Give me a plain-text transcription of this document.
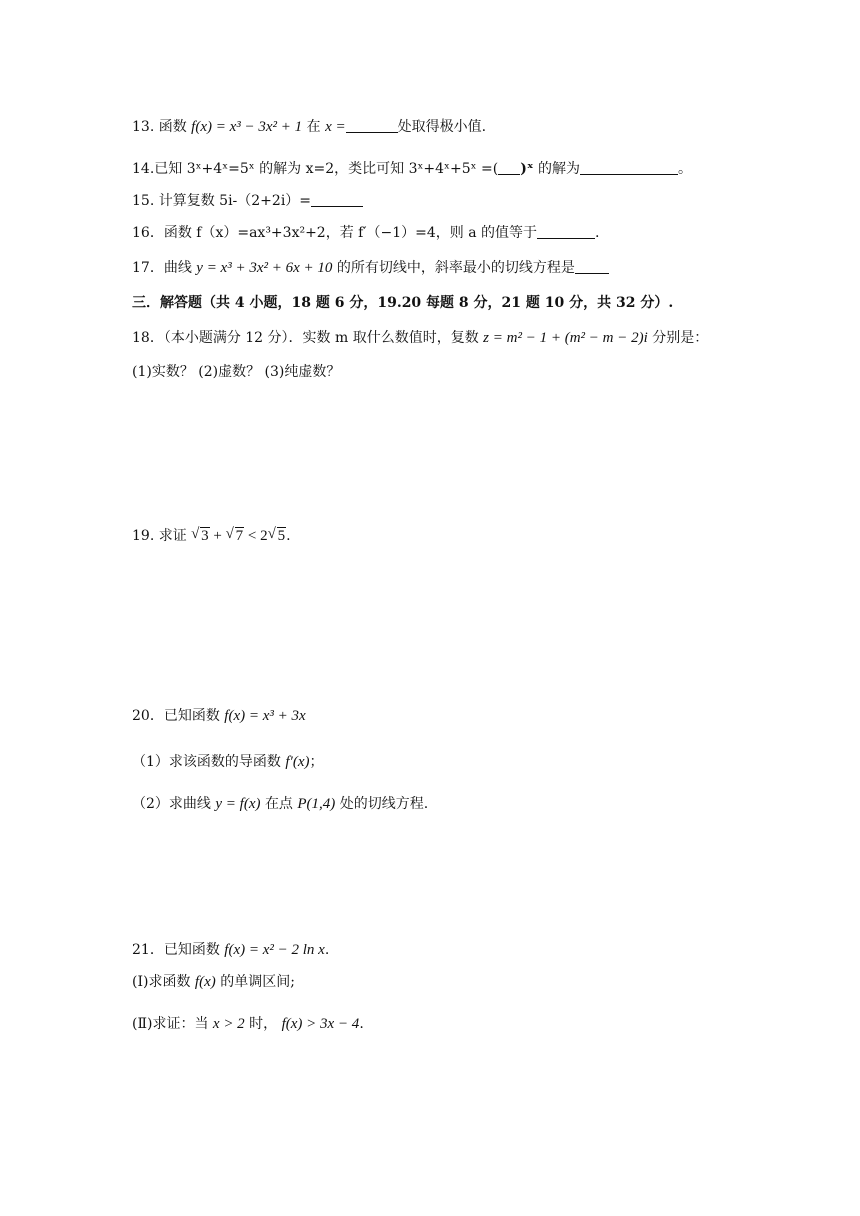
13. 函数 f(x) = x³ − 3x² + 1 在 x =	处取得极小值.
14.已知 3ˣ+4ˣ=5ˣ 的解为 x=2，类比可知 3ˣ+4ˣ+5ˣ =( )ˣ 的解为	。
15. 计算复数 5i-（2+2i）=
16．函数 f（x）=ax³+3x²+2，若 f′（−1）=4，则 a 的值等于	.
17．曲线 y = x³ + 3x² + 6x + 10 的所有切线中，斜率最小的切线方程是
三．解答题（共 4 小题，18 题 6 分，19.20 每题 8 分，21 题 10 分，共 32 分）.
18．（本小题满分 12 分）．实数 m 取什么数值时，复数 z = m² − 1 + (m² − m − 2)i 分别是：
(1)实数？ (2)虚数？ (3)纯虚数？
19. 求证 √ 3 + √ 7 < 2 √ 5.
20．已知函数 f(x) = x³ + 3x
（1）求该函数的导函数 f′(x)；
（2）求曲线 y = f(x) 在点 P(1,4) 处的切线方程.
21．已知函数 f(x) = x² − 2 ln x.
(Ⅰ)求函数 f(x) 的单调区间;
(Ⅱ)求证：当 x > 2 时， f(x) > 3x − 4.
